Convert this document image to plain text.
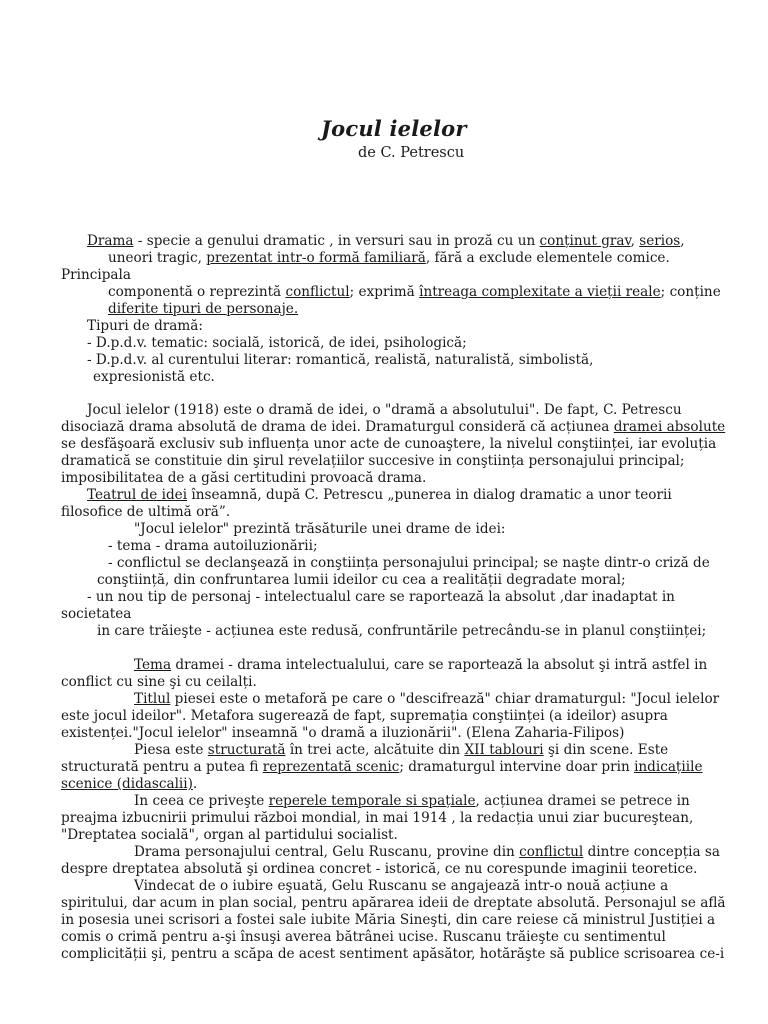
Jocul ielelor
de C. Petrescu
Drama - specie a genului dramatic , in versuri sau in proză cu un conținut grav, serios,
uneori tragic, prezentat intr-o formă familiară, fără a exclude elementele comice.
Principala
componentă o reprezintă conflictul; exprimă întreaga complexitate a vieții reale; conține
diferite tipuri de personaje.
Tipuri de dramă:
- D.p.d.v. tematic: socială, istorică, de idei, psihologică;
- D.p.d.v. al curentului literar: romantică, realistă, naturalistă, simbolistă,
expresionistă etc.
Jocul ielelor (1918) este o dramă de idei, o "dramă a absolutului". De fapt, C. Petrescu
disociază drama absolută de drama de idei. Dramaturgul consideră că acțiunea dramei absolute
se desfăşoară exclusiv sub influența unor acte de cunoaştere, la nivelul conştiinței, iar evoluția
dramatică se constituie din şirul revelațiilor succesive in conştiința personajului principal;
imposibilitatea de a găsi certitudini provoacă drama.
Teatrul de idei înseamnă, după C. Petrescu „punerea in dialog dramatic a unor teorii
filosofice de ultimă oră”.
"Jocul ielelor" prezintă trăsăturile unei drame de idei:
- tema - drama autoiluzionării;
- conflictul se declanşează in conştiința personajului principal; se naşte dintr-o criză de
conştiință, din confruntarea lumii ideilor cu cea a realității degradate moral;
- un nou tip de personaj - intelectualul care se raportează la absolut ,dar inadaptat in
societatea
in care trăieşte - acțiunea este redusă, confruntările petrecându-se in planul conştiinței;
Tema dramei - drama intelectualului, care se raportează la absolut şi intră astfel in
conflict cu sine şi cu ceilalți.
Titlul piesei este o metaforă pe care o "descifrează" chiar dramaturgul: "Jocul ielelor
este jocul ideilor". Metafora sugerează de fapt, supremația conştiinței (a ideilor) asupra
existenței."Jocul ielelor" inseamnă "o dramă a iluzionării". (Elena Zaharia-Filipos)
Piesa este structurată în trei acte, alcătuite din XII tablouri şi din scene. Este
structurată pentru a putea fi reprezentată scenic; dramaturgul intervine doar prin indicațiile
scenice (didascalii).
In ceea ce priveşte reperele temporale si spațiale, acțiunea dramei se petrece in
preajma izbucnirii primului război mondial, in mai 1914 , la redacția unui ziar bucureştean,
"Dreptatea socială", organ al partidului socialist.
Drama personajului central, Gelu Ruscanu, provine din conflictul dintre concepția sa
despre dreptatea absolută şi ordinea concret - istorică, ce nu corespunde imaginii teoretice.
Vindecat de o iubire eşuată, Gelu Ruscanu se angajează intr-o nouă acțiune a
spiritului, dar acum in plan social, pentru apărarea ideii de dreptate absolută. Personajul se află
in posesia unei scrisori a fostei sale iubite Măria Sineşti, din care reiese că ministrul Justiției a
comis o crimă pentru a-şi însuşi averea bătrânei ucise. Ruscanu trăieşte cu sentimentul
complicității şi, pentru a scăpa de acest sentiment apăsător, hotărăşte să publice scrisoarea ce-i
